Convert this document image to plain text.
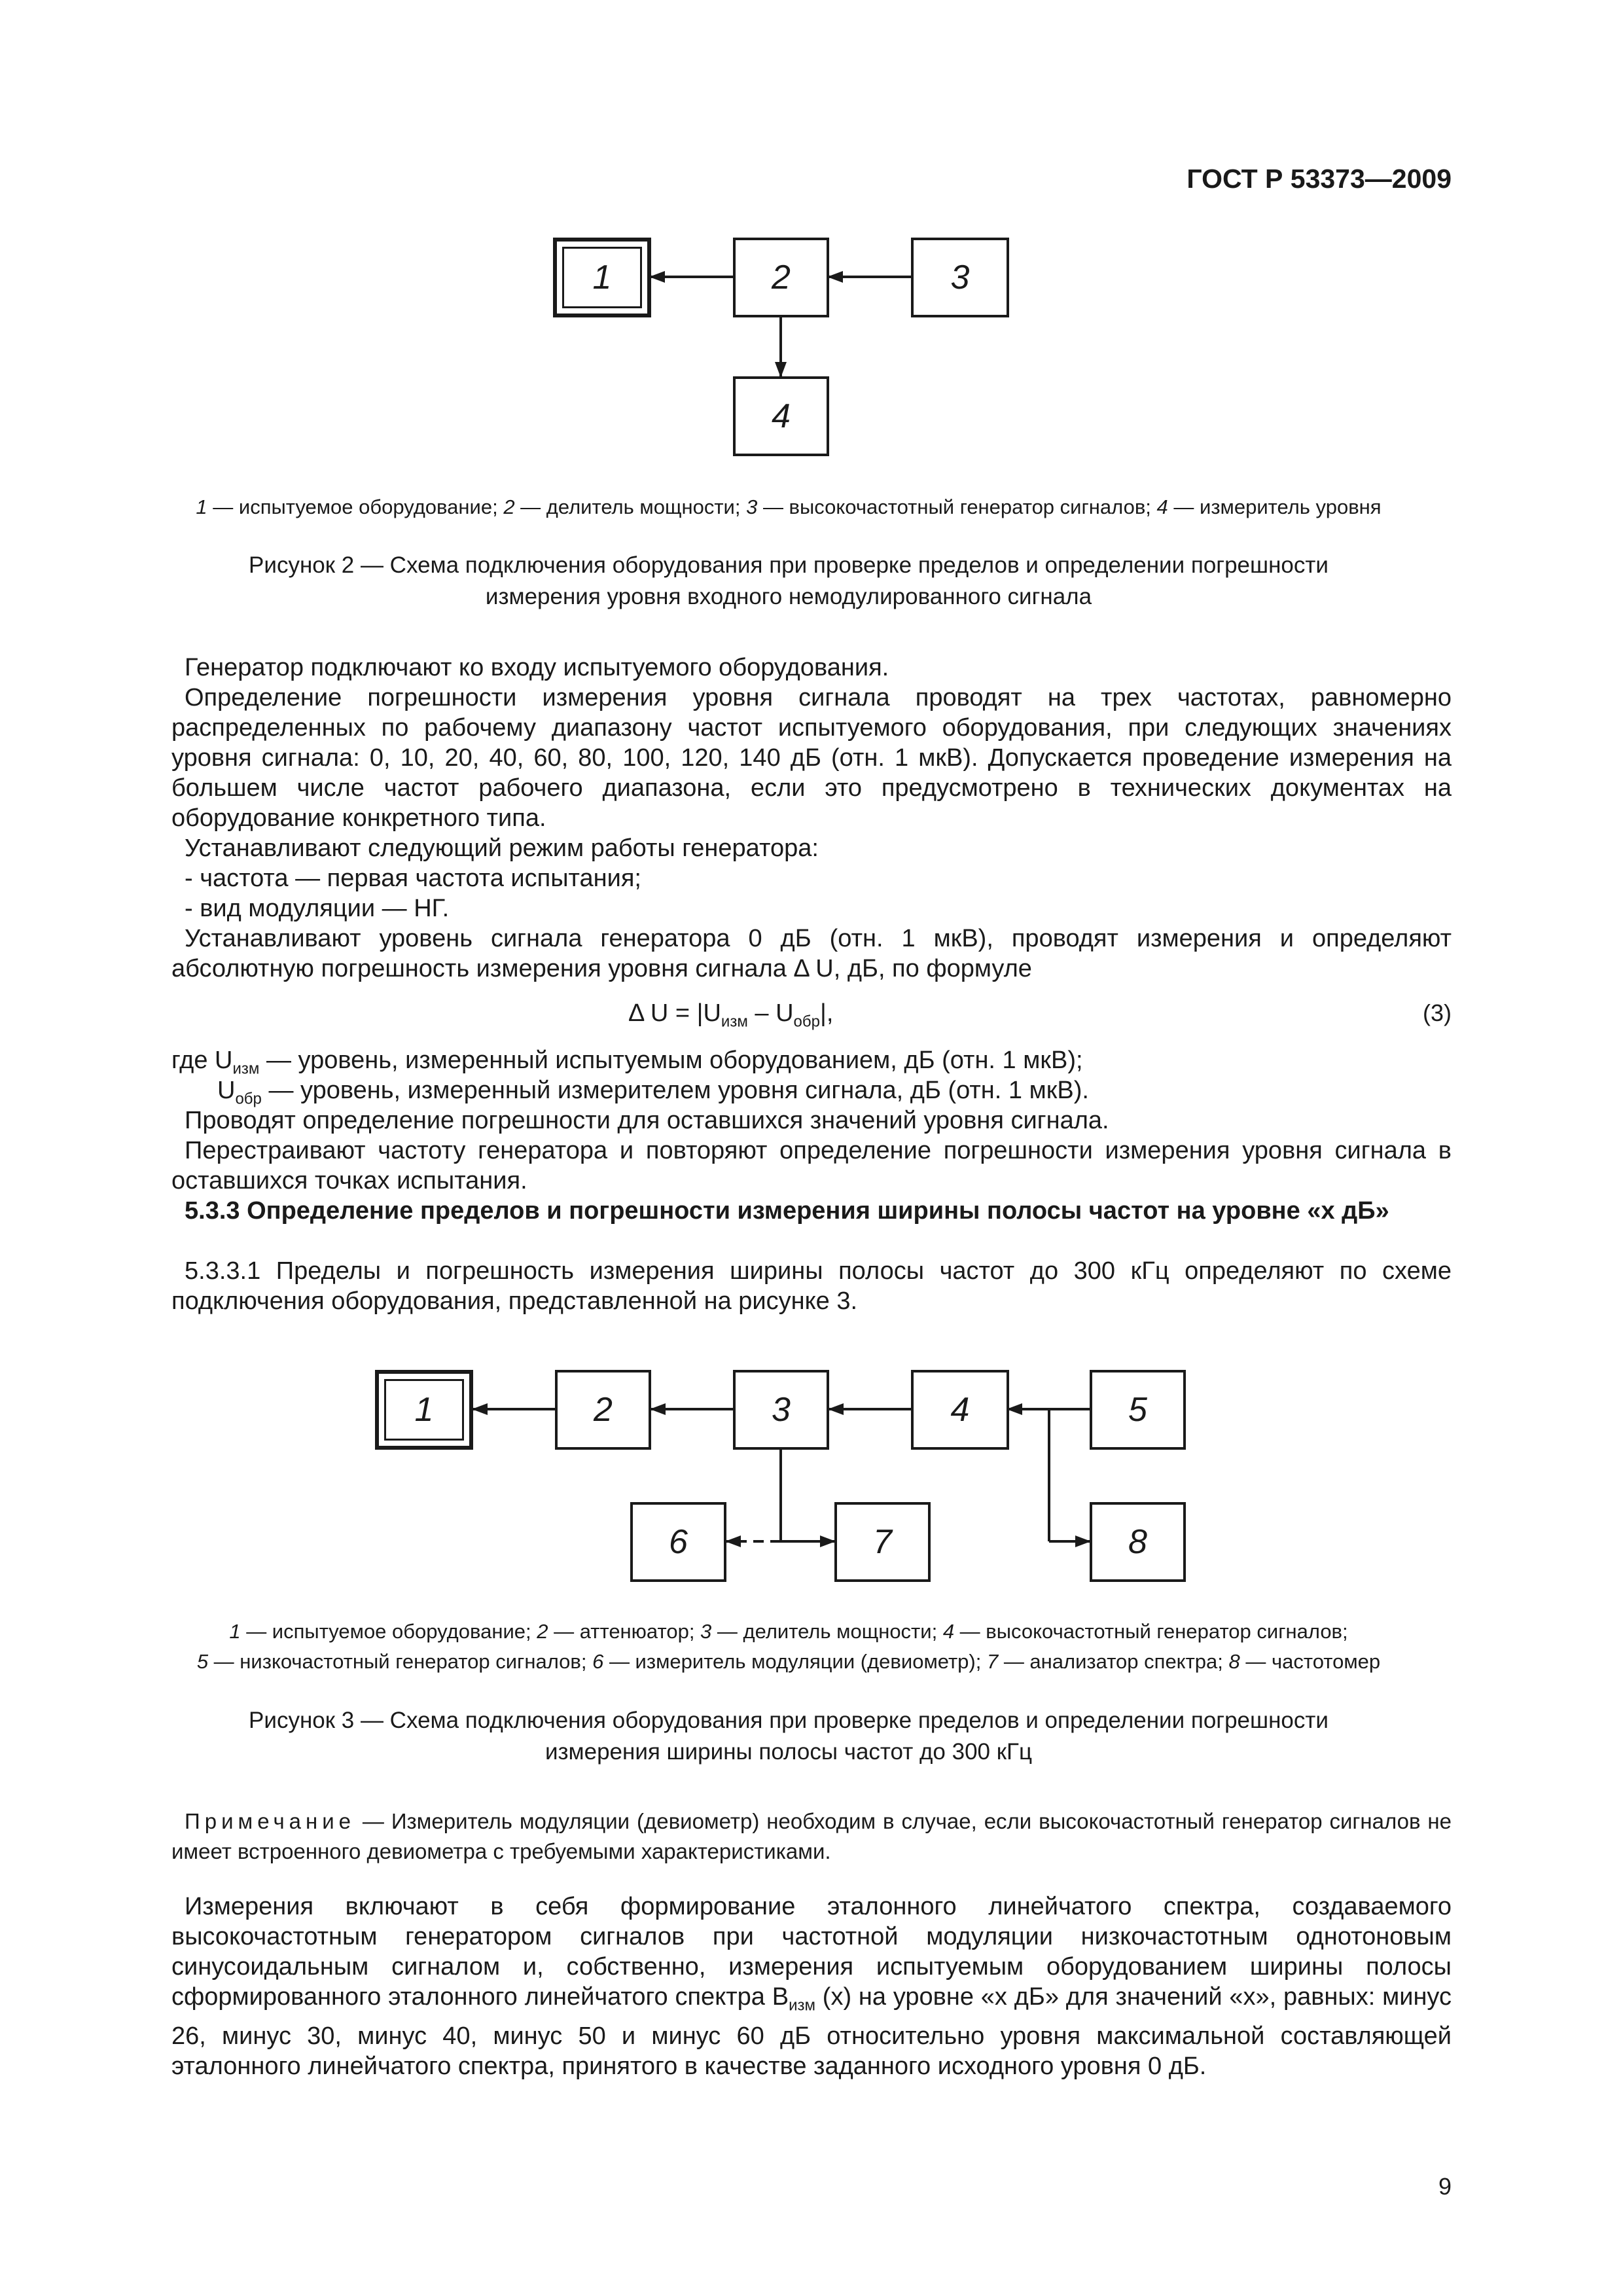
ГОСТ Р 53373—2009
1	2	3
4
1 — испытуемое оборудование; 2 — делитель мощности; 3 — высокочастотный генератор сигналов; 4 — измеритель уровня
Рисунок 2 — Схема подключения оборудования при проверке пределов и определении погрешности
измерения уровня входного немодулированного сигнала
Генератор подключают ко входу испытуемого оборудования.
Определение погрешности измерения уровня сигнала проводят на трех частотах, равномерно распределенных по рабочему диапазону частот испытуемого оборудования, при следующих значениях уровня сигнала: 0, 10, 20, 40, 60, 80, 100, 120, 140 дБ (отн. 1 мкВ). Допускается проведение измерения на большем числе частот рабочего диапазона, если это предусмотрено в технических документах на оборудование конкретного типа.
Устанавливают следующий режим работы генератора:
- частота — первая частота испытания;
- вид модуляции — НГ.
Устанавливают уровень сигнала генератора 0 дБ (отн. 1 мкВ), проводят измерения и определяют абсолютную погрешность измерения уровня сигнала Δ U, дБ, по формуле
Δ $U = |U_{изм} - U_{обр}|$,	(3)
где $U_{изм}$ — уровень, измеренный испытуемым оборудованием, дБ (отн. 1 мкВ);
$U_{обр}$ — уровень, измеренный измерителем уровня сигнала, дБ (отн. 1 мкВ).
Проводят определение погрешности для оставшихся значений уровня сигнала.
Перестраивают частоту генератора и повторяют определение погрешности измерения уровня сигнала в оставшихся точках испытания.
5.3.3 Определение пределов и погрешности измерения ширины полосы частот на уровне «x дБ»
5.3.3.1 Пределы и погрешность измерения ширины полосы частот до 300 кГц определяют по схеме подключения оборудования, представленной на рисунке 3.
1	2	3	4	5
6	7	8
1 — испытуемое оборудование; 2 — аттенюатор; 3 — делитель мощности; 4 — высокочастотный генератор сигналов;
5 — низкочастотный генератор сигналов; 6 — измеритель модуляции (девиометр); 7 — анализатор спектра; 8 — частотомер
Рисунок 3 — Схема подключения оборудования при проверке пределов и определении погрешности
измерения ширины полосы частот до 300 кГц
Примечание — Измеритель модуляции (девиометр) необходим в случае, если высокочастотный генератор сигналов не имеет встроенного девиометра с требуемыми характеристиками.
Измерения включают в себя формирование эталонного линейчатого спектра, создаваемого высокочастотным генератором сигналов при частотной модуляции низкочастотным однотоновым синусоидальным сигналом и, собственно, измерения испытуемым оборудованием ширины полосы сформированного эталонного линейчатого спектра $B_{изм}$ (x) на уровне «x дБ» для значений «x», равных: минус 26, минус 30, минус 40, минус 50 и минус 60 дБ относительно уровня максимальной составляющей эталонного линейчатого спектра, принятого в качестве заданного исходного уровня 0 дБ.
9
